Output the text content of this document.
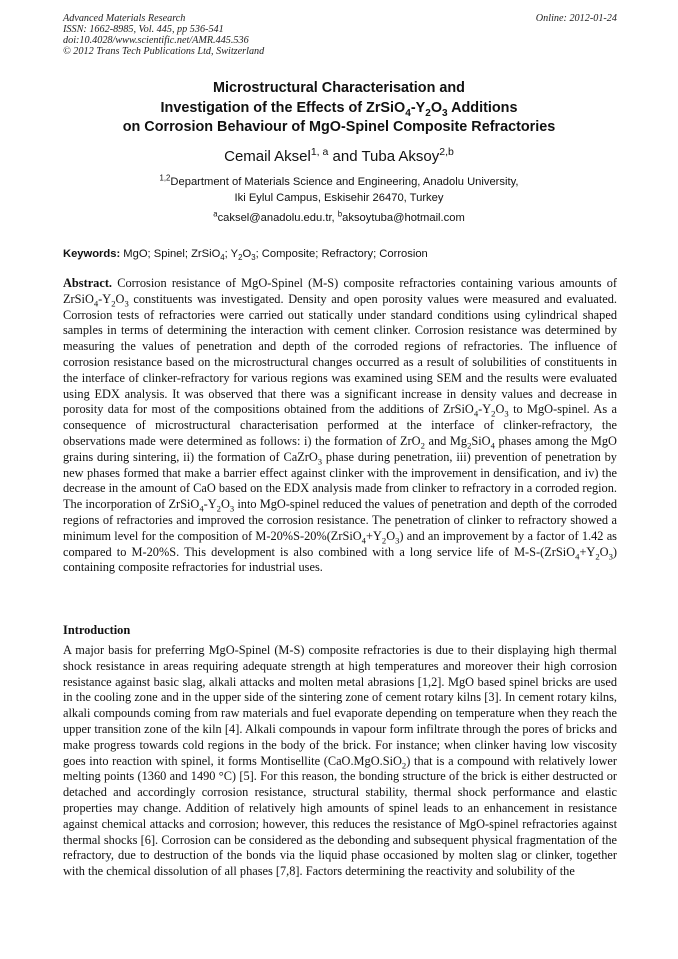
Advanced Materials Research	Online: 2012-01-24
ISSN: 1662-8985, Vol. 445, pp 536-541
doi:10.4028/www.scientific.net/AMR.445.536
© 2012 Trans Tech Publications Ltd, Switzerland
Microstructural Characterisation and
Investigation of the Effects of $ZrSiO_4-Y_2O_3$ Additions
on Corrosion Behaviour of MgO-Spinel Composite Refractories
Cemail Aksel$^{1, a}$ and Tuba Aksoy$^{2,b}$
$^{1,2}$Department of Materials Science and Engineering, Anadolu University,
Iki Eylul Campus, Eskisehir 26470, Turkey
$^a$caksel@anadolu.edu.tr, $^b$aksoytuba@hotmail.com
Keywords: MgO; Spinel; ZrSiO$_4$; $Y_2O_3$; Composite; Refractory; Corrosion
Abstract. Corrosion resistance of MgO-Spinel (M-S) composite refractories containing various amounts of $ZrSiO_4-Y_2O_3$ constituents was investigated. Density and open porosity values were measured and evaluated. Corrosion tests of refractories were carried out statically under standard conditions using cylindrical shaped samples in terms of determining the interaction with cement clinker. Corrosion resistance was determined by measuring the values of penetration and depth of the corroded regions of refractories. The influence of corrosion resistance based on the microstructural changes occurred as a result of solubilities of constituents in the interface of clinker-refractory for various regions was examined using SEM and the results were evaluated using EDX analysis. It was observed that there was a significant increase in density values and decrease in porosity data for most of the compositions obtained from the additions of $ZrSiO_4-Y_2O_3$ to MgO-spinel. As a consequence of microstructural characterisation performed at the interface of clinker-refractory, the observations made were determined as follows: i) the formation of ZrO$_2$ and $Mg_2SiO_4$ phases among the MgO grains during sintering, ii) the formation of CaZrO$_3$ phase during penetration, iii) prevention of penetration by new phases formed that make a barrier effect against clinker with the improvement in densification, and iv) the decrease in the amount of CaO based on the EDX analysis made from clinker to refractory in a corroded region. The incorporation of $ZrSiO_4-Y_2O_3$ into MgO-spinel reduced the values of penetration and depth of the corroded regions of refractories and improved the corrosion resistance. The penetration of clinker to refractory showed a minimum level for the composition of $M-20\%S-20\%(ZrSiO_4+Y_2O_3)$ and an improvement by a factor of 1.42 as compared to M-20%S. This development is also combined with a long service life of $M-S-(ZrSiO_4+Y_2O_3)$ containing composite refractories for industrial uses.
Introduction
A major basis for preferring MgO-Spinel (M-S) composite refractories is due to their displaying high thermal shock resistance in areas requiring adequate strength at high temperatures and moreover their high corrosion resistance against basic slag, alkali attacks and molten metal abrasions [1,2]. MgO based spinel bricks are used in the cooling zone and in the upper side of the sintering zone of cement rotary kilns [3]. In cement rotary kilns, alkali compounds coming from raw materials and fuel evaporate depending on temperature when they reach the upper transition zone of the kiln [4]. Alkali compounds in vapour form infiltrate through the pores of bricks and make progress towards cold regions in the body of the brick. For instance; when clinker having low viscosity goes into reaction with spinel, it forms Montisellite (CaO.MgO.SiO$_2$) that is a compound with relatively lower melting points (1360 and 1490 °C) [5]. For this reason, the bonding structure of the brick is either destructed or detached and accordingly corrosion resistance, structural stability, thermal shock performance and elastic properties may change. Addition of relatively high amounts of spinel leads to an enhancement in resistance against chemical attacks and corrosion; however, this reduces the resistance of MgO-spinel refractories against thermal shocks [6]. Corrosion can be considered as the debonding and subsequent physical fragmentation of the refractory, due to destruction of the bonds via the liquid phase occasioned by molten slag or clinker, together with the chemical dissolution of all phases [7,8]. Factors determining the reactivity and solubility of the
